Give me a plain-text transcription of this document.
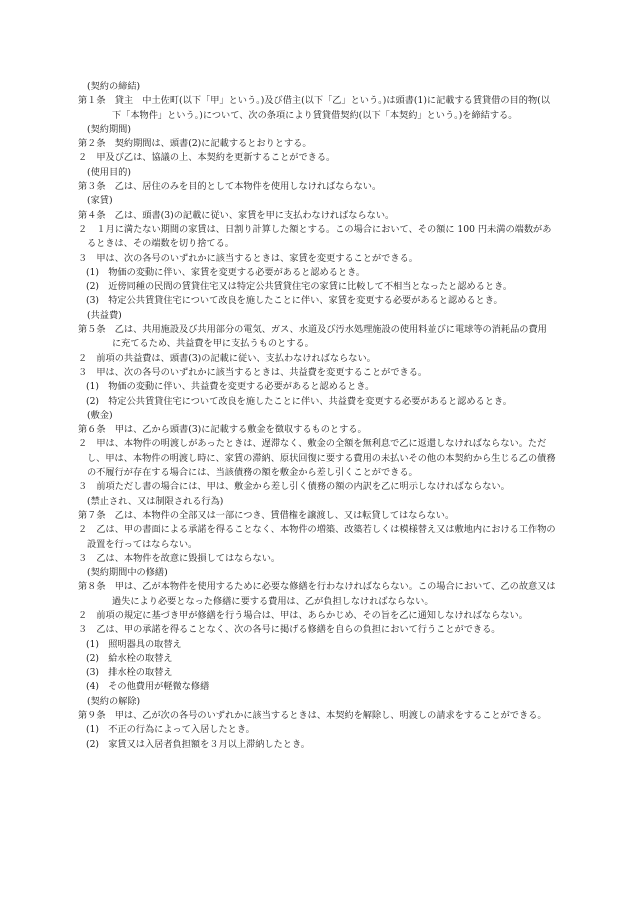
(契約の締結)

第１条　貸主　中土佐町(以下「甲」という。)及び借主(以下「乙」という。)は頭書(1)に記載する賃貸借の目的物(以下「本物件」という。)について、次の条項により賃貸借契約(以下「本契約」という。)を締結する。

(契約期間)

第２条　契約期間は、頭書(2)に記載するとおりとする。

２　甲及び乙は、協議の上、本契約を更新することができる。

(使用目的)

第３条　乙は、居住のみを目的として本物件を使用しなければならない。

(家賃)

第４条　乙は、頭書(3)の記載に従い、家賃を甲に支払わなければならない。

２　１月に満たない期間の家賃は、日割り計算した額とする。この場合において、その額に 100 円未満の端数があるときは、その端数を切り捨てる。

３　甲は、次の各号のいずれかに該当するときは、家賃を変更することができる。

(1)　物価の変動に伴い、家賃を変更する必要があると認めるとき。

(2)　近傍同種の民間の賃貸住宅又は特定公共賃貸住宅の家賃に比較して不相当となったと認めるとき。

(3)　特定公共賃貸住宅について改良を施したことに伴い、家賃を変更する必要があると認めるとき。

(共益費)

第５条　乙は、共用施設及び共用部分の電気、ガス、水道及び汚水処理施設の使用料並びに電球等の消耗品の費用に充てるため、共益費を甲に支払うものとする。

２　前項の共益費は、頭書(3)の記載に従い、支払わなければならない。

３　甲は、次の各号のいずれかに該当するときは、共益費を変更することができる。

(1)　物価の変動に伴い、共益費を変更する必要があると認めるとき。

(2)　特定公共賃貸住宅について改良を施したことに伴い、共益費を変更する必要があると認めるとき。

(敷金)

第６条　甲は、乙から頭書(3)に記載する敷金を徴収するものとする。

２　甲は、本物件の明渡しがあったときは、遅滞なく、敷金の全額を無利息で乙に返還しなければならない。ただし、甲は、本物件の明渡し時に、家賃の滞納、原状回復に要する費用の未払いその他の本契約から生じる乙の債務の不履行が存在する場合には、当該債務の額を敷金から差し引くことができる。

３　前項ただし書の場合には、甲は、敷金から差し引く債務の額の内訳を乙に明示しなければならない。

(禁止され、又は制限される行為)

第７条　乙は、本物件の全部又は一部につき、賃借権を譲渡し、又は転貸してはならない。

２　乙は、甲の書面による承諾を得ることなく、本物件の増築、改築若しくは模様替え又は敷地内における工作物の設置を行ってはならない。

３　乙は、本物件を故意に毀損してはならない。

(契約期間中の修繕)

第８条　甲は、乙が本物件を使用するために必要な修繕を行わなければならない。この場合において、乙の故意又は過失により必要となった修繕に要する費用は、乙が負担しなければならない。

２　前項の規定に基づき甲が修繕を行う場合は、甲は、あらかじめ、その旨を乙に通知しなければならない。

３　乙は、甲の承諾を得ることなく、次の各号に掲げる修繕を自らの負担において行うことができる。

(1)　照明器具の取替え

(2)　給水栓の取替え

(3)　排水栓の取替え

(4)　その他費用が軽微な修繕

(契約の解除)

第９条　甲は、乙が次の各号のいずれかに該当するときは、本契約を解除し、明渡しの請求をすることができる。

(1)　不正の行為によって入居したとき。

(2)　家賃又は入居者負担額を３月以上滞納したとき。
